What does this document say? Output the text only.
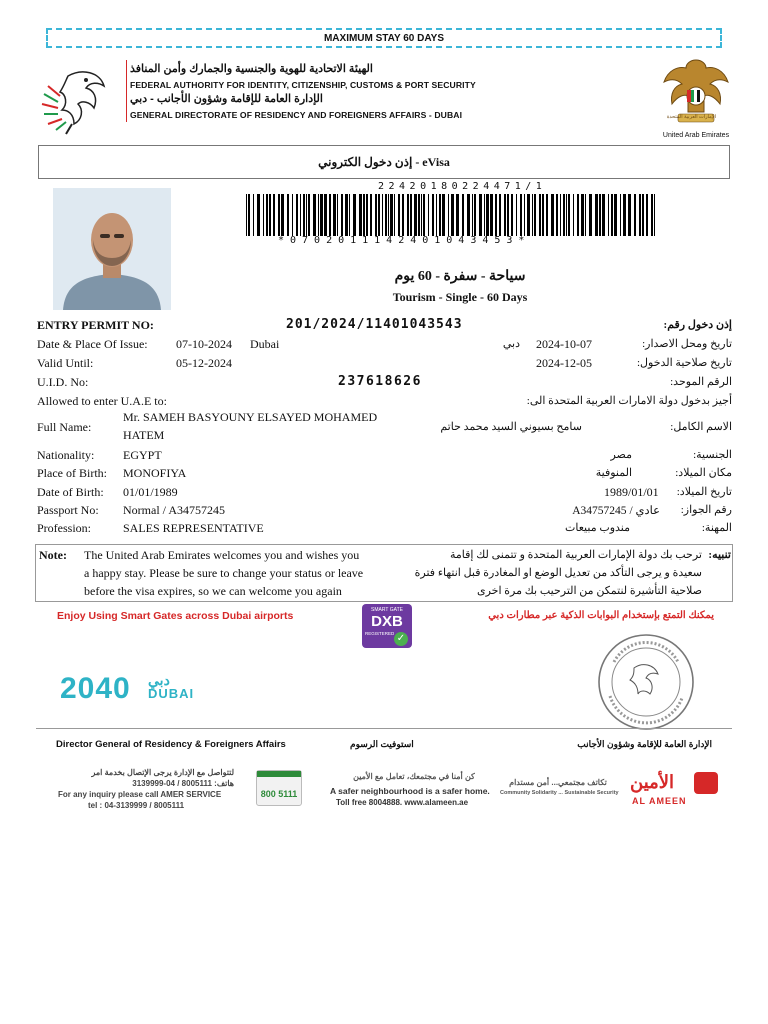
MAXIMUM STAY 60 DAYS
الهيئة الاتحادية للهوية والجنسية والجمارك وأمن المنافذ
FEDERAL AUTHORITY FOR IDENTITY, CITIZENSHIP, CUSTOMS & PORT SECURITY
الإدارة العامة للإقامة وشؤون الأجانب - دبي
GENERAL DIRECTORATE OF RESIDENCY AND FOREIGNERS AFFAIRS - DUBAI	الإمارات العربية المتحدة
United Arab Emirates
إذن دخول الكتروني - eVisa
22420180224471/1
*0702011142401043453*
سياحة - سفرة - 60 يوم
Tourism - Single - 60 Days
ENTRY PERMIT NO:	201/2024/11401043543	إذن دخول رقم:
Date & Place Of Issue: 07-10-2024 Dubai	دبي 2024-10-07	تاريخ ومحل الاصدار:
Valid Until:	05-12-2024	2024-12-05	تاريخ صلاحية الدخول:
U.I.D. No:	237618626	الرقم الموحد:
Allowed to enter U.A.E to:	أجيز بدخول دولة الامارات العربية المتحدة الى:
Full Name:
Mr. SAMEH BASYOUNY ELSAYED MOHAMED
HATEM
سامح بسيوني السيد محمد حاتم	الاسم الكامل:
Nationality: EGYPT	مصر	الجنسية:
Place of Birth: MONOFIYA	المنوفية	مكان الميلاد:
Date of Birth: 01/01/1989	1989/01/01 تاريخ الميلاد:
Passport No: Normal / A34757245	عادي / A34757245 رقم الجواز:
Profession:	SALES REPRESENTATIVE	مندوب مبيعات	المهنة:
Note: The United Arab Emirates welcomes you and wishes you
a happy stay. Please be sure to change your status or leave
before the visa expires, so we can welcome you again
تنبيه:
ترحب بك دولة الإمارات العربية المتحدة و تتمنى لك إقامة
سعيدة و يرجى التأكد من تعديل الوضع او المغادرة قبل انتهاء فترة
صلاحية التأشيرة لنتمكن من الترحيب بك مرة اخرى
Enjoy Using Smart Gates across Dubai airports	يمكنك التمتع بإستخدام البوابات الذكية عبر مطارات دبي
SMART GATE
DXB
REGISTERED ✓
2040 دبي
DUBAI
Director General of Residency & Foreigners Affairs	استوفيت الرسوم	الإدارة العامة للإقامة وشؤون الأجانب
لتتواصل مع الإدارة يرجى الإتصال بخدمة امر
هاتف: 8005111 / 04-3139999
For any inquiry please call AMER SERVICE
tel : 04-3139999 / 8005111
800 5111
كن أمنا في مجتمعك، تعامل مع الأمين
A safer neighbourhood is a safer home.
Toll free 8004888. www.alameen.ae
تكاتف مجتمعي... أمن مستدام
Community Solidarity ... Sustainable Security
الأمين
AL AMEEN
